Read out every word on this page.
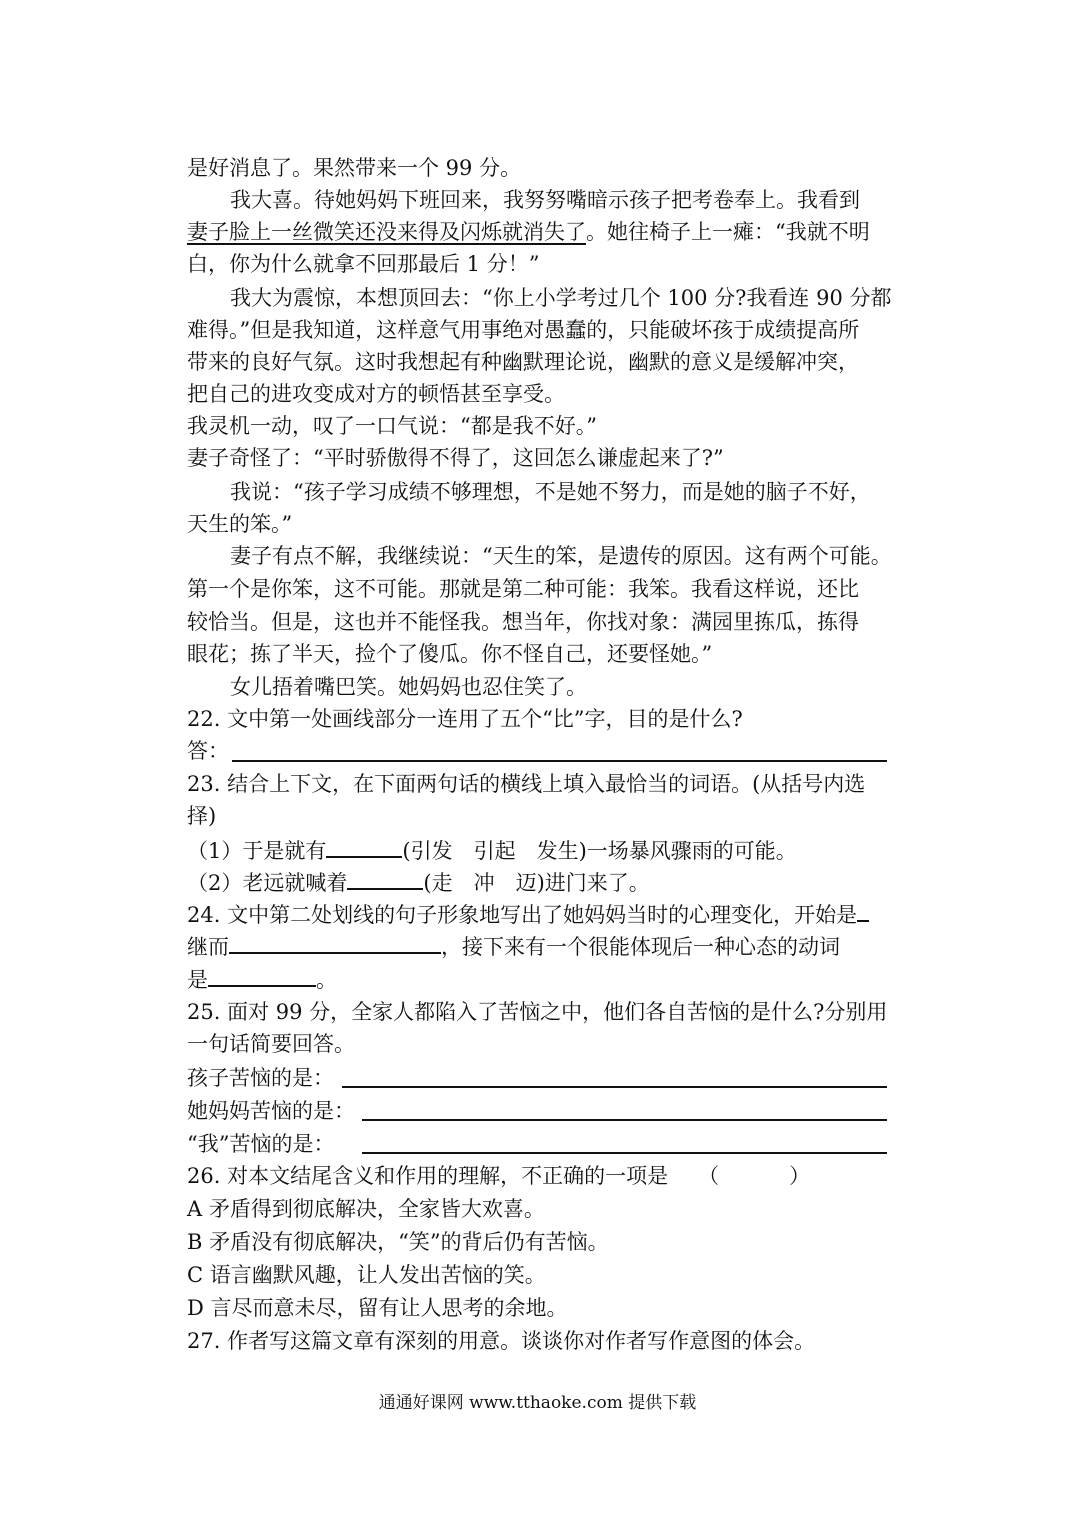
是好消息了。果然带来一个 99 分。
我大喜。待她妈妈下班回来，我努努嘴暗示孩子把考卷奉上。我看到
妻子脸上一丝微笑还没来得及闪烁就消失了。她往椅子上一瘫：“我就不明
白，你为什么就拿不回那最后 1 分！”
我大为震惊，本想顶回去：“你上小学考过几个 100 分?我看连 90 分都
难得。”但是我知道，这样意气用事绝对愚蠢的，只能破坏孩于成绩提高所
带来的良好气氛。这时我想起有种幽默理论说，幽默的意义是缓解冲突，
把自己的进攻变成对方的顿悟甚至享受。
我灵机一动，叹了一口气说：“都是我不好。”
妻子奇怪了：“平时骄傲得不得了，这回怎么谦虚起来了?”
我说：“孩子学习成绩不够理想，不是她不努力，而是她的脑子不好，
天生的笨。”
妻子有点不解，我继续说：“天生的笨，是遗传的原因。这有两个可能。
第一个是你笨，这不可能。那就是第二种可能：我笨。我看这样说，还比
较恰当。但是，这也并不能怪我。想当年，你找对象：满园里拣瓜，拣得
眼花；拣了半天，捡个了傻瓜。你不怪自己，还要怪她。”
女儿捂着嘴巴笑。她妈妈也忍住笑了。
22. 文中第一处画线部分一连用了五个“比”字，目的是什么?
答：
23. 结合上下文，在下面两句话的横线上填入最恰当的词语。(从括号内选
择)
（1）于是就有	(引发　引起　发生)一场暴风骤雨的可能。
（2）老远就喊着	(走　冲　迈)进门来了。
24. 文中第二处划线的句子形象地写出了她妈妈当时的心理变化，开始是
继而	，接下来有一个很能体现后一种心态的动词
是	。
25. 面对 99 分，全家人都陷入了苦恼之中，他们各自苦恼的是什么?分别用
一句话简要回答。
孩子苦恼的是：
她妈妈苦恼的是：
“我”苦恼的是：
26. 对本文结尾含义和作用的理解，不正确的一项是 （	）
A 矛盾得到彻底解决，全家皆大欢喜。
B 矛盾没有彻底解决，“笑”的背后仍有苦恼。
C 语言幽默风趣，让人发出苦恼的笑。
D 言尽而意未尽，留有让人思考的余地。
27. 作者写这篇文章有深刻的用意。谈谈你对作者写作意图的体会。
通通好课网 www.tthaoke.com 提供下载
